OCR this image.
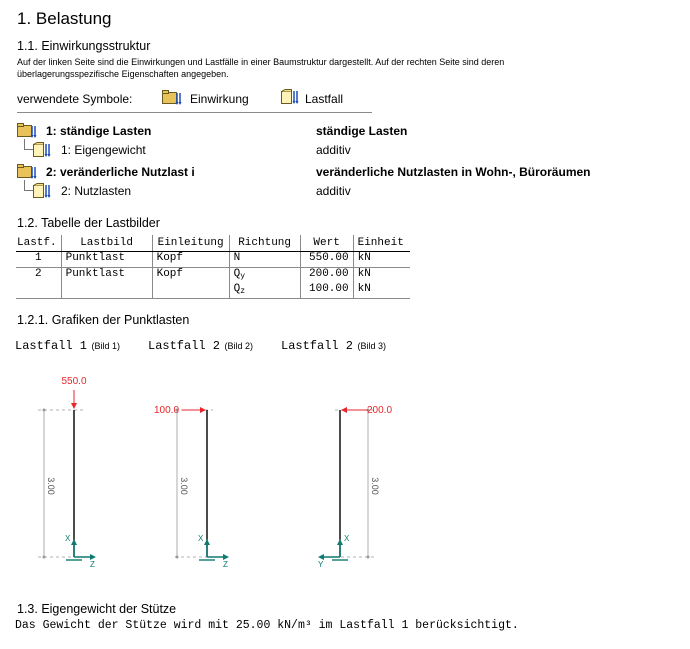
1. Belastung
1.1. Einwirkungsstruktur
Auf der linken Seite sind die Einwirkungen und Lastfälle in einer Baumstruktur dargestellt. Auf der rechten Seite sind deren überlagerungsspezifische Eigenschaften angegeben.
verwendete Symbole:	Einwirkung	Lastfall
1: ständige Lasten	ständige Lasten
1: Eigengewicht	additiv
2: veränderliche Nutzlast i	veränderliche Nutzlasten in Wohn-, Büroräumen
2: Nutzlasten	additiv
1.2. Tabelle der Lastbilder
Lastf.	Lastbild	Einleitung	Richtung	Wert	Einheit
1	Punktlast	Kopf	N	550.00	kN
2	Punktlast	Kopf	$Q_y$	200.00	kN
			$Q_z$	100.00	kN
1.2.1. Grafiken der Punktlasten
Lastfall 1 (Bild 1) Lastfall 2 (Bild 2) Lastfall 2 (Bild 3)
3.00
550.0
X
Z
3.00
100.0
X
Z
3.00
200.0
X
Y
1.3. Eigengewicht der Stütze
Das Gewicht der Stütze wird mit 25.00 kN/m³ im Lastfall 1 berücksichtigt.
